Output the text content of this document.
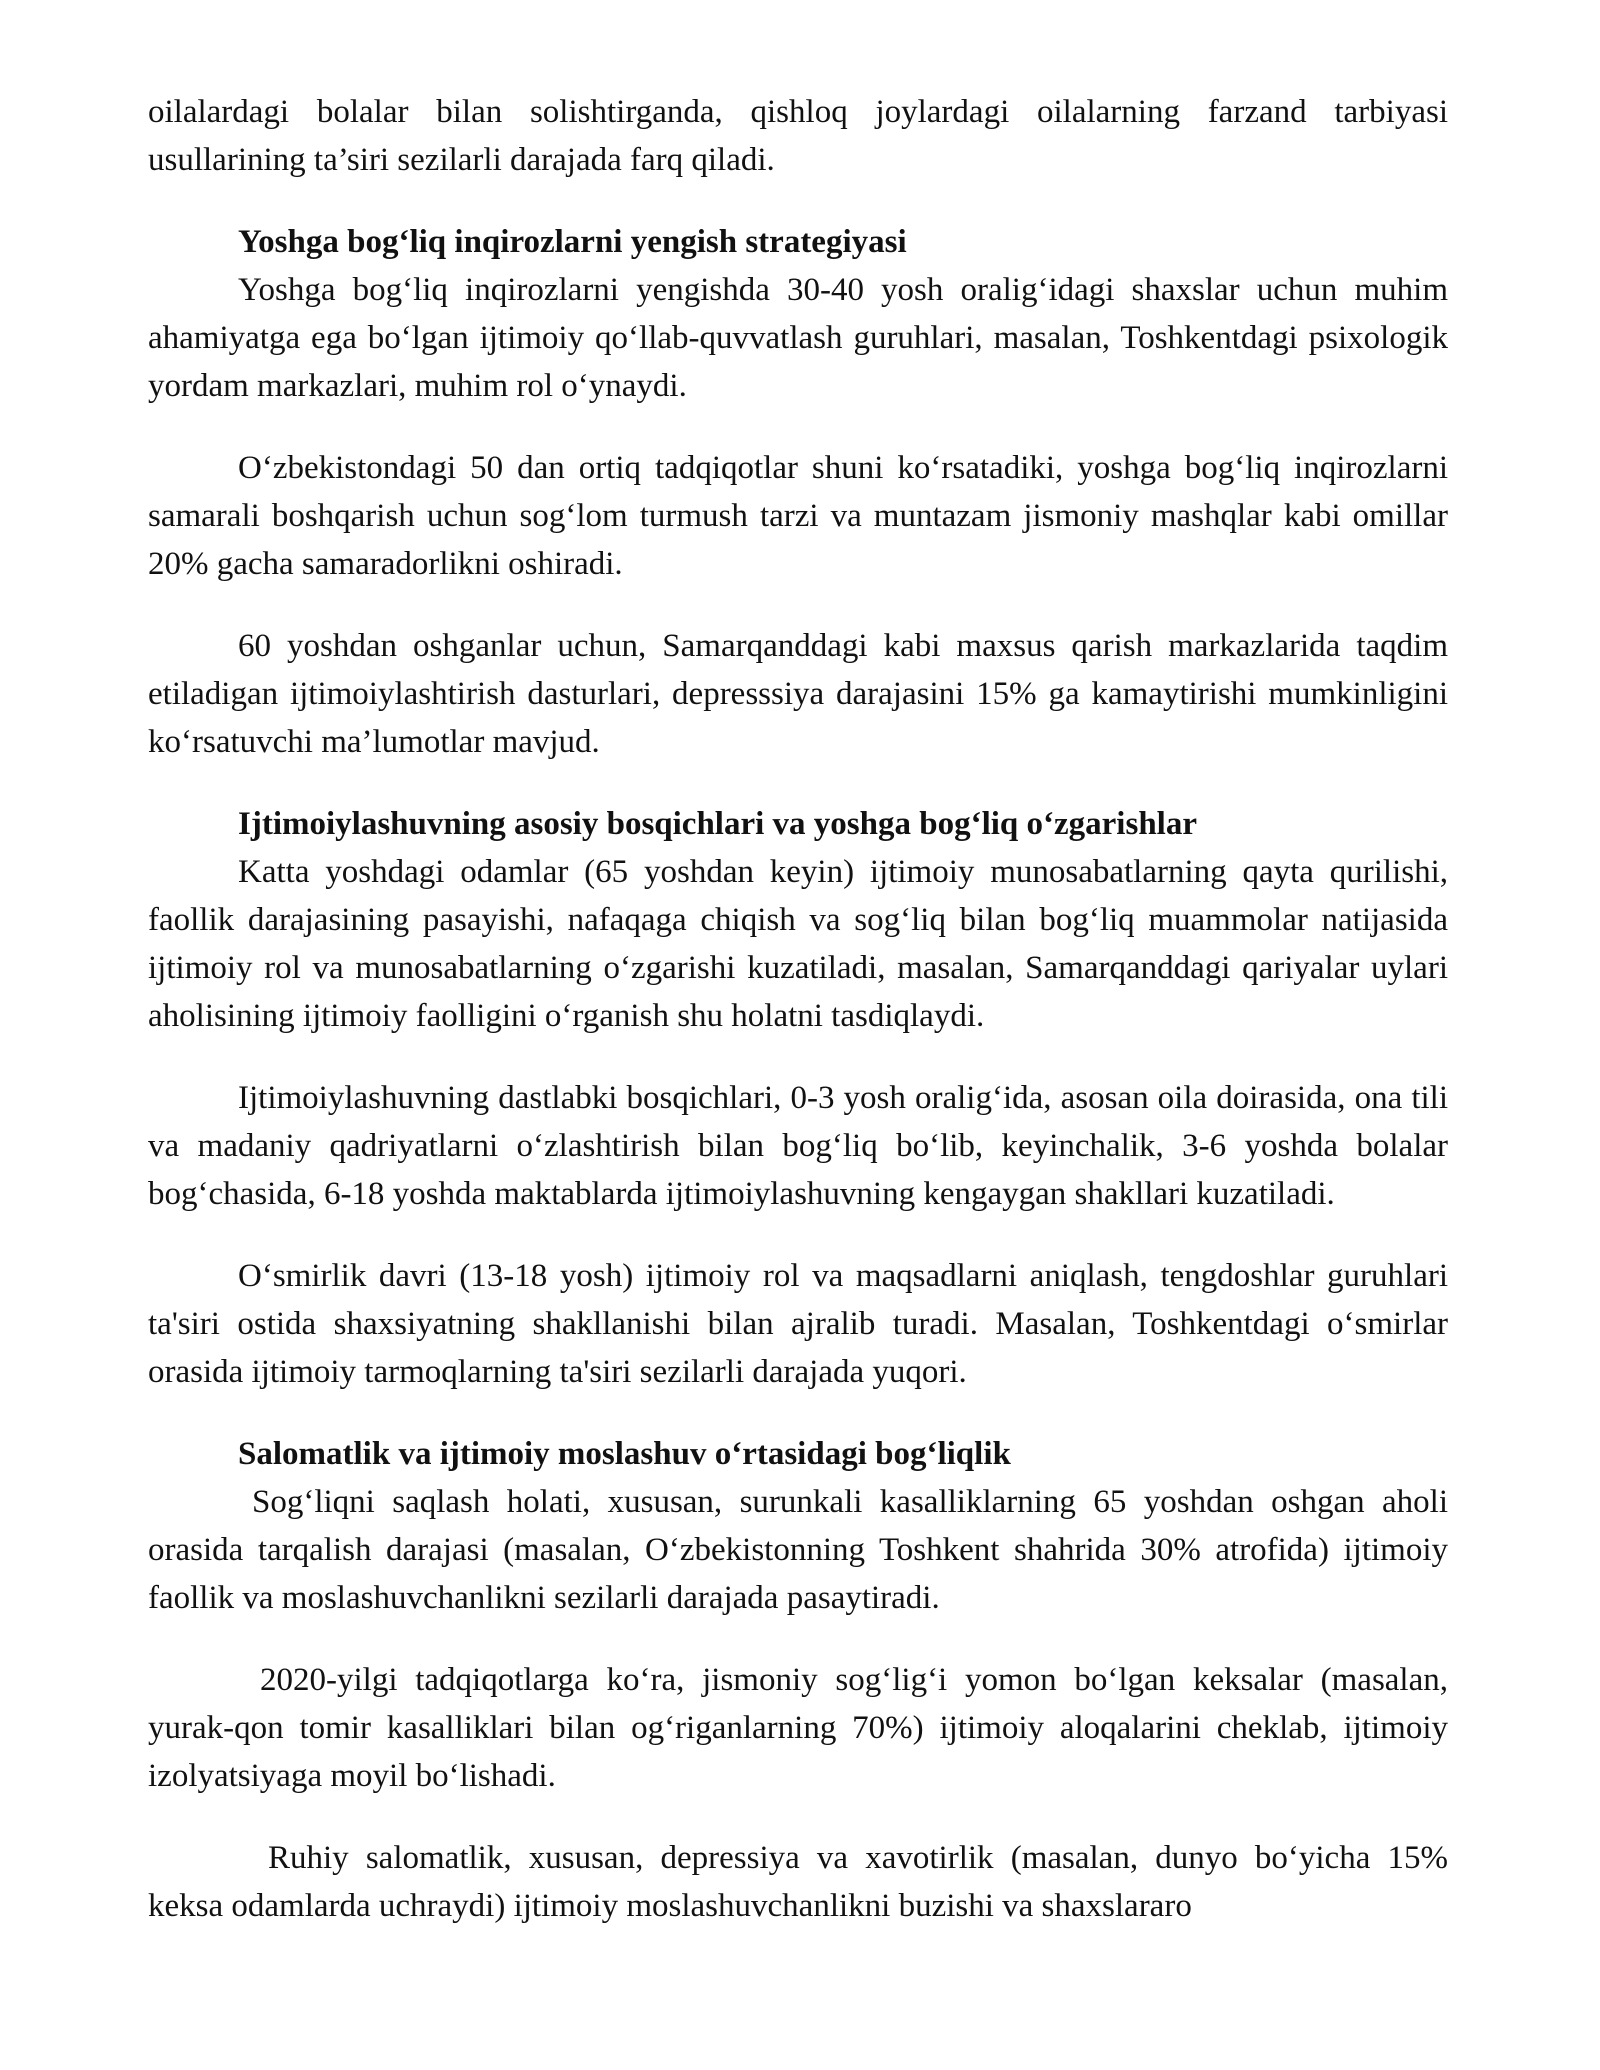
oilalardagi bolalar bilan solishtirganda, qishloq joylardagi oilalarning farzand tarbiyasi usullarining ta’siri sezilarli darajada farq qiladi.

Yoshga bog‘liq inqirozlarni yengish strategiyasi

Yoshga bog‘liq inqirozlarni yengishda 30-40 yosh oralig‘idagi shaxslar uchun muhim ahamiyatga ega bo‘lgan ijtimoiy qo‘llab-quvvatlash guruhlari, masalan, Toshkentdagi psixologik yordam markazlari, muhim rol o‘ynaydi.

O‘zbekistondagi 50 dan ortiq tadqiqotlar shuni ko‘rsatadiki, yoshga bog‘liq inqirozlarni samarali boshqarish uchun sog‘lom turmush tarzi va muntazam jismoniy mashqlar kabi omillar 20% gacha samaradorlikni oshiradi.

60 yoshdan oshganlar uchun, Samarqanddagi kabi maxsus qarish markazlarida taqdim etiladigan ijtimoiylashtirish dasturlari, depresssiya darajasini 15% ga kamaytirishi mumkinligini ko‘rsatuvchi ma’lumotlar mavjud.

Ijtimoiylashuvning asosiy bosqichlari va yoshga bog‘liq o‘zgarishlar

Katta yoshdagi odamlar (65 yoshdan keyin) ijtimoiy munosabatlarning qayta qurilishi, faollik darajasining pasayishi, nafaqaga chiqish va sog‘liq bilan bog‘liq muammolar natijasida ijtimoiy rol va munosabatlarning o‘zgarishi kuzatiladi, masalan, Samarqanddagi qariyalar uylari aholisining ijtimoiy faolligini o‘rganish shu holatni tasdiqlaydi.

Ijtimoiylashuvning dastlabki bosqichlari, 0-3 yosh oralig‘ida, asosan oila doirasida, ona tili va madaniy qadriyatlarni o‘zlashtirish bilan bog‘liq bo‘lib, keyinchalik, 3-6 yoshda bolalar bog‘chasida, 6-18 yoshda maktablarda ijtimoiylashuvning kengaygan shakllari kuzatiladi.

O‘smirlik davri (13-18 yosh) ijtimoiy rol va maqsadlarni aniqlash, tengdoshlar guruhlari ta'siri ostida shaxsiyatning shakllanishi bilan ajralib turadi. Masalan, Toshkentdagi o‘smirlar orasida ijtimoiy tarmoqlarning ta'siri sezilarli darajada yuqori.

Salomatlik va ijtimoiy moslashuv o‘rtasidagi bog‘liqlik

Sog‘liqni saqlash holati, xususan, surunkali kasalliklarning 65 yoshdan oshgan aholi orasida tarqalish darajasi (masalan, O‘zbekistonning Toshkent shahrida 30% atrofida) ijtimoiy faollik va moslashuvchanlikni sezilarli darajada pasaytiradi.

2020-yilgi tadqiqotlarga ko‘ra, jismoniy sog‘lig‘i yomon bo‘lgan keksalar (masalan, yurak-qon tomir kasalliklari bilan og‘riganlarning 70%) ijtimoiy aloqalarini cheklab, ijtimoiy izolyatsiyaga moyil bo‘lishadi.

Ruhiy salomatlik, xususan, depressiya va xavotirlik (masalan, dunyo bo‘yicha 15% keksa odamlarda uchraydi) ijtimoiy moslashuvchanlikni buzishi va shaxslararo
